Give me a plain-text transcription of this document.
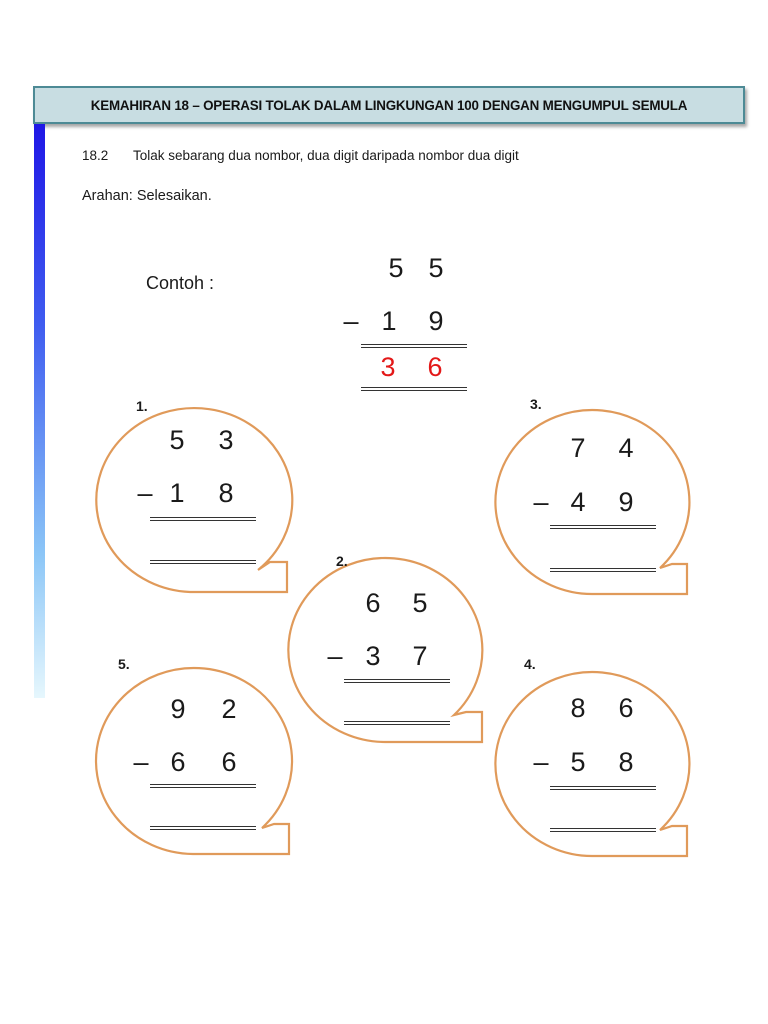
KEMAHIRAN 18 – OPERASI TOLAK DALAM LINGKUNGAN 100 DENGAN MENGUMPUL SEMULA
18.2 Tolak sebarang dua nombor, dua digit daripada nombor dua digit
Arahan: Selesaikan.
Contoh :	5 5
– 1 9
3 6
1.
5 3
– 1 8
2.
6 5
– 3 7
3.
7 4
– 4 9
4.
8 6
– 5 8
5.
9 2
– 6 6
